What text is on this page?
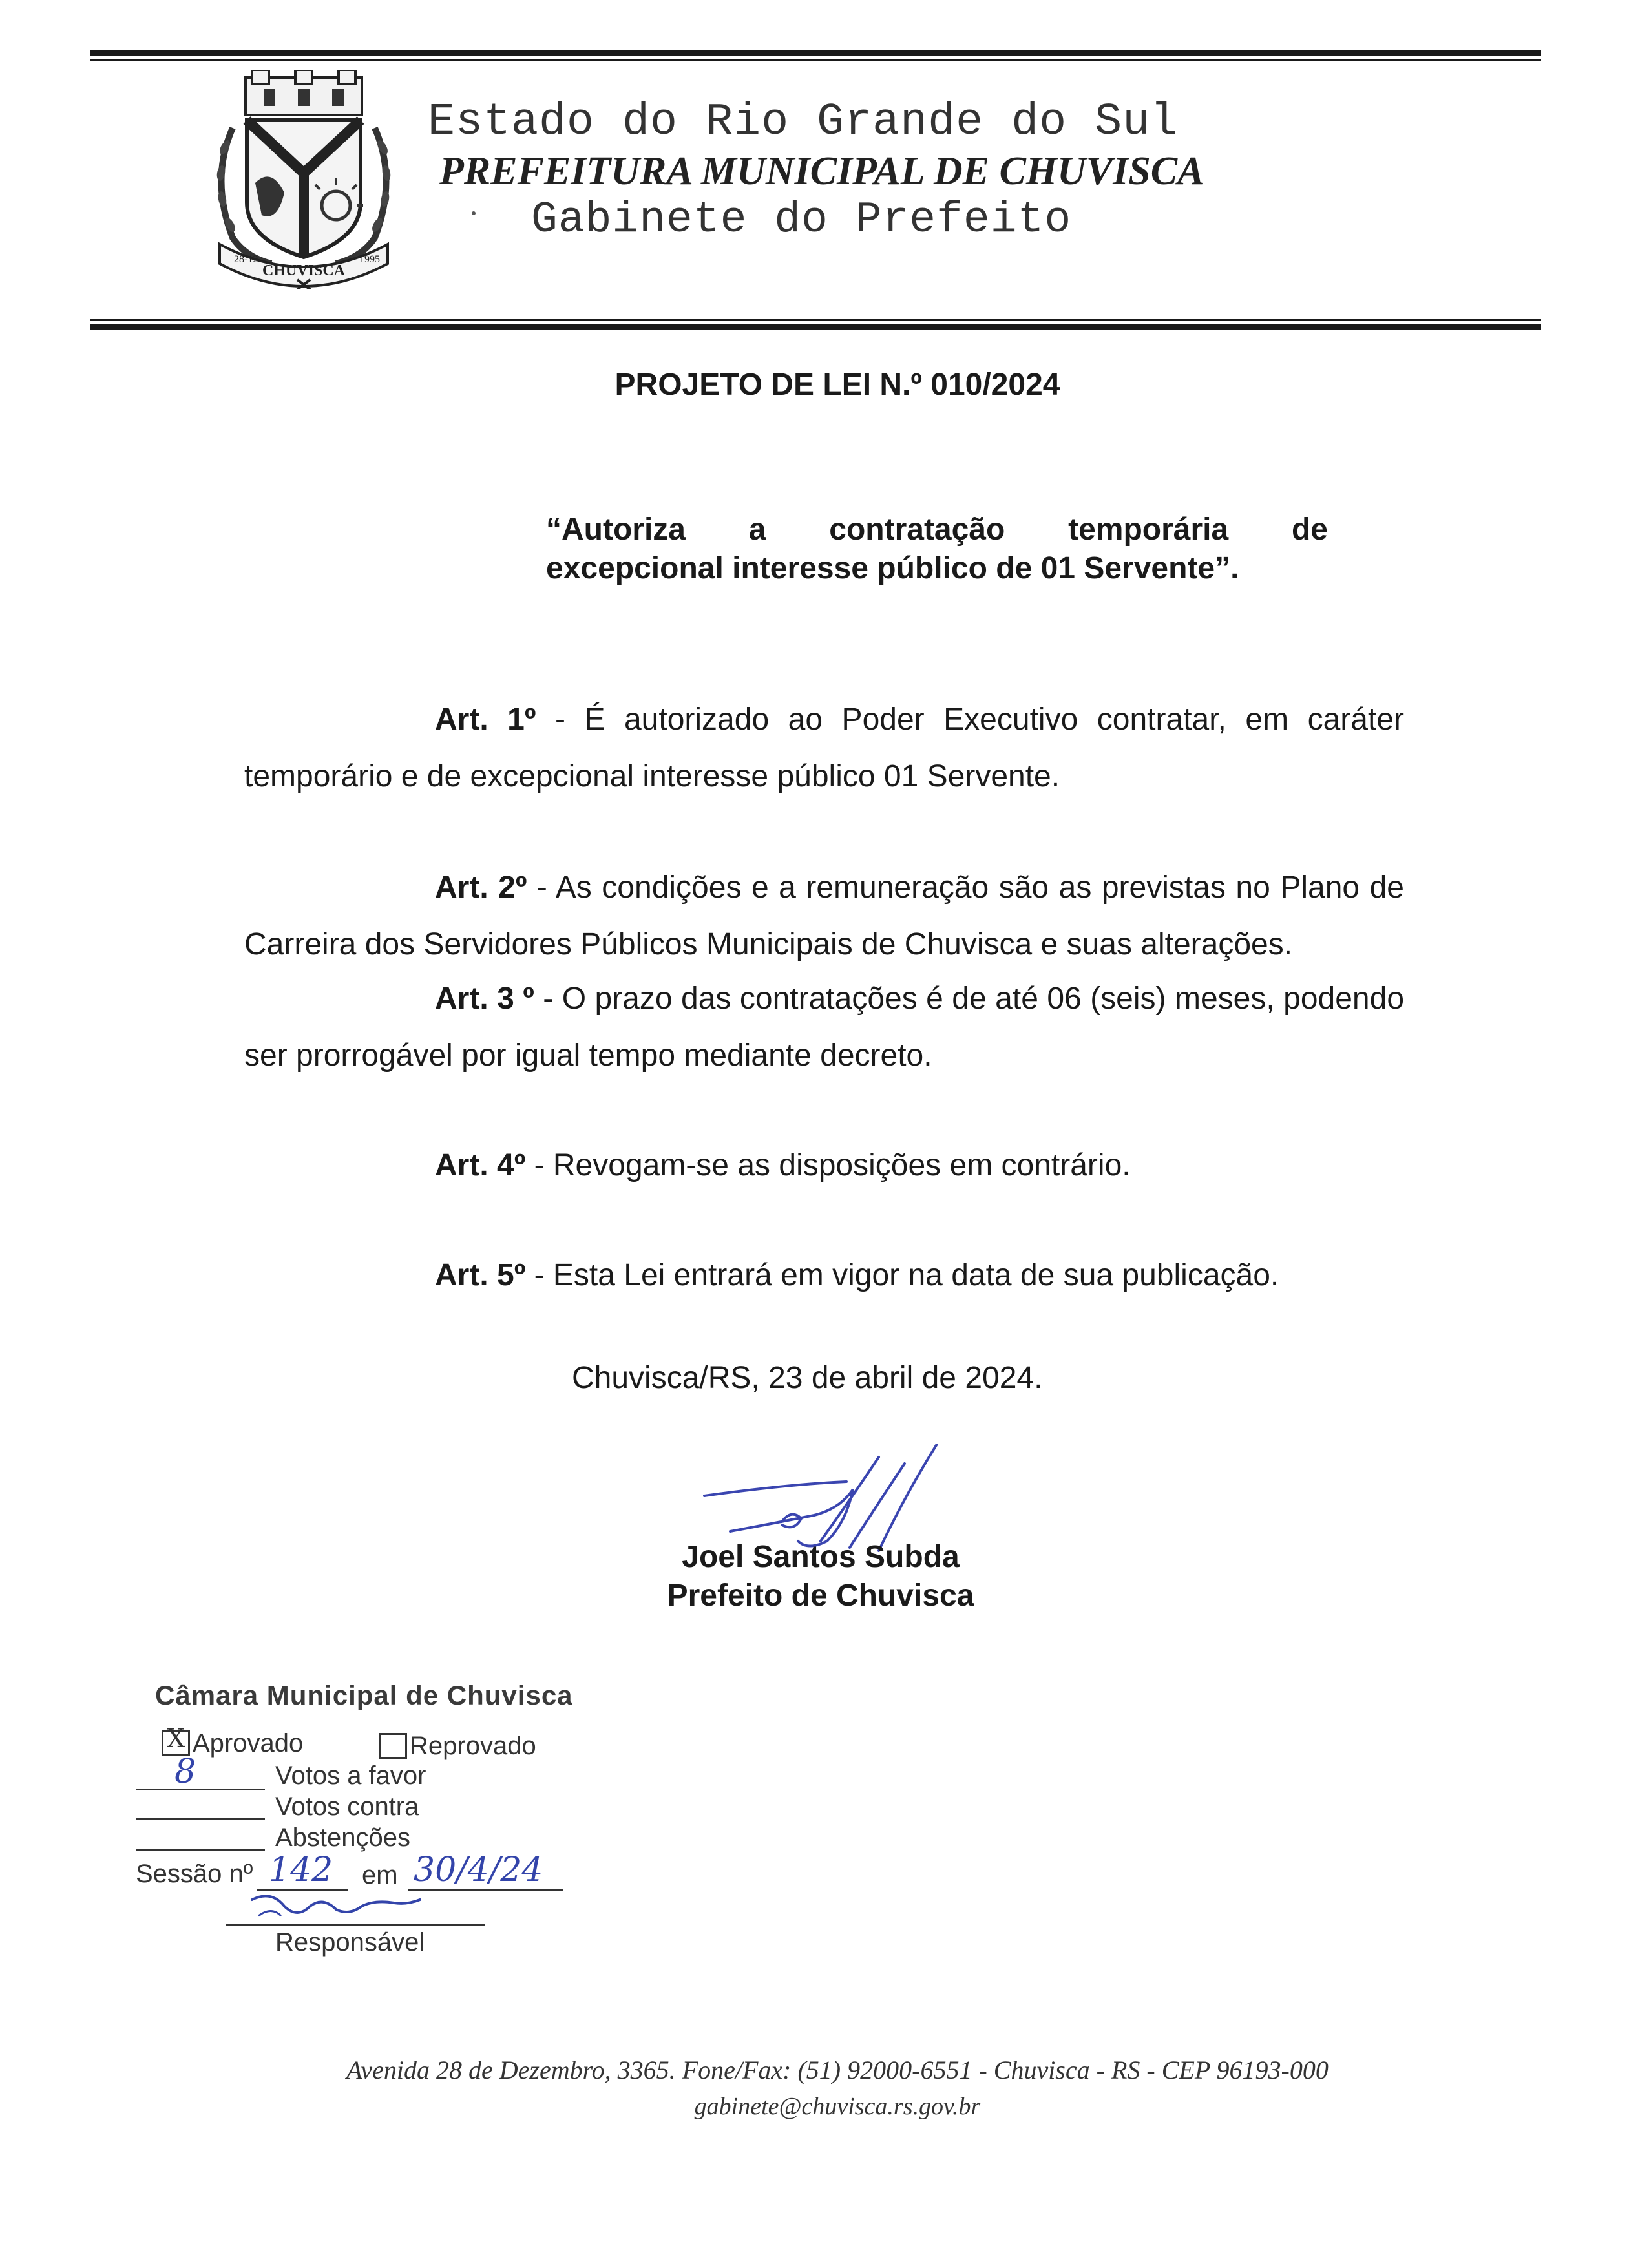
CHUVISCA
28-12	1995
Estado do Rio Grande do Sul
PREFEITURA MUNICIPAL DE CHUVISCA
Gabinete do Prefeito
PROJETO DE LEI N.º 010/2024
“Autoriza a contratação temporária de
excepcional interesse público de 01 Servente”.
Art. 1º - É autorizado ao Poder Executivo contratar, em caráter temporário e de excepcional interesse público 01 Servente.
Art. 2º - As condições e a remuneração são as previstas no Plano de Carreira dos Servidores Públicos Municipais de Chuvisca e suas alterações.
Art. 3 º - O prazo das contratações é de até 06 (seis) meses, podendo ser prorrogável por igual tempo mediante decreto.
Art. 4º - Revogam-se as disposições em contrário.
Art. 5º - Esta Lei entrará em vigor na data de sua publicação.
Chuvisca/RS, 23 de abril de 2024.
Joel Santos Subda
Prefeito de Chuvisca
Câmara Municipal de Chuvisca
X Aprovado	Reprovado
8	Votos a favor
Votos contra
Abstenções
Sessão nº 142 em 30/4/24
Responsável
Avenida 28 de Dezembro, 3365. Fone/Fax: (51) 92000-6551 - Chuvisca - RS - CEP 96193-000
gabinete@chuvisca.rs.gov.br
